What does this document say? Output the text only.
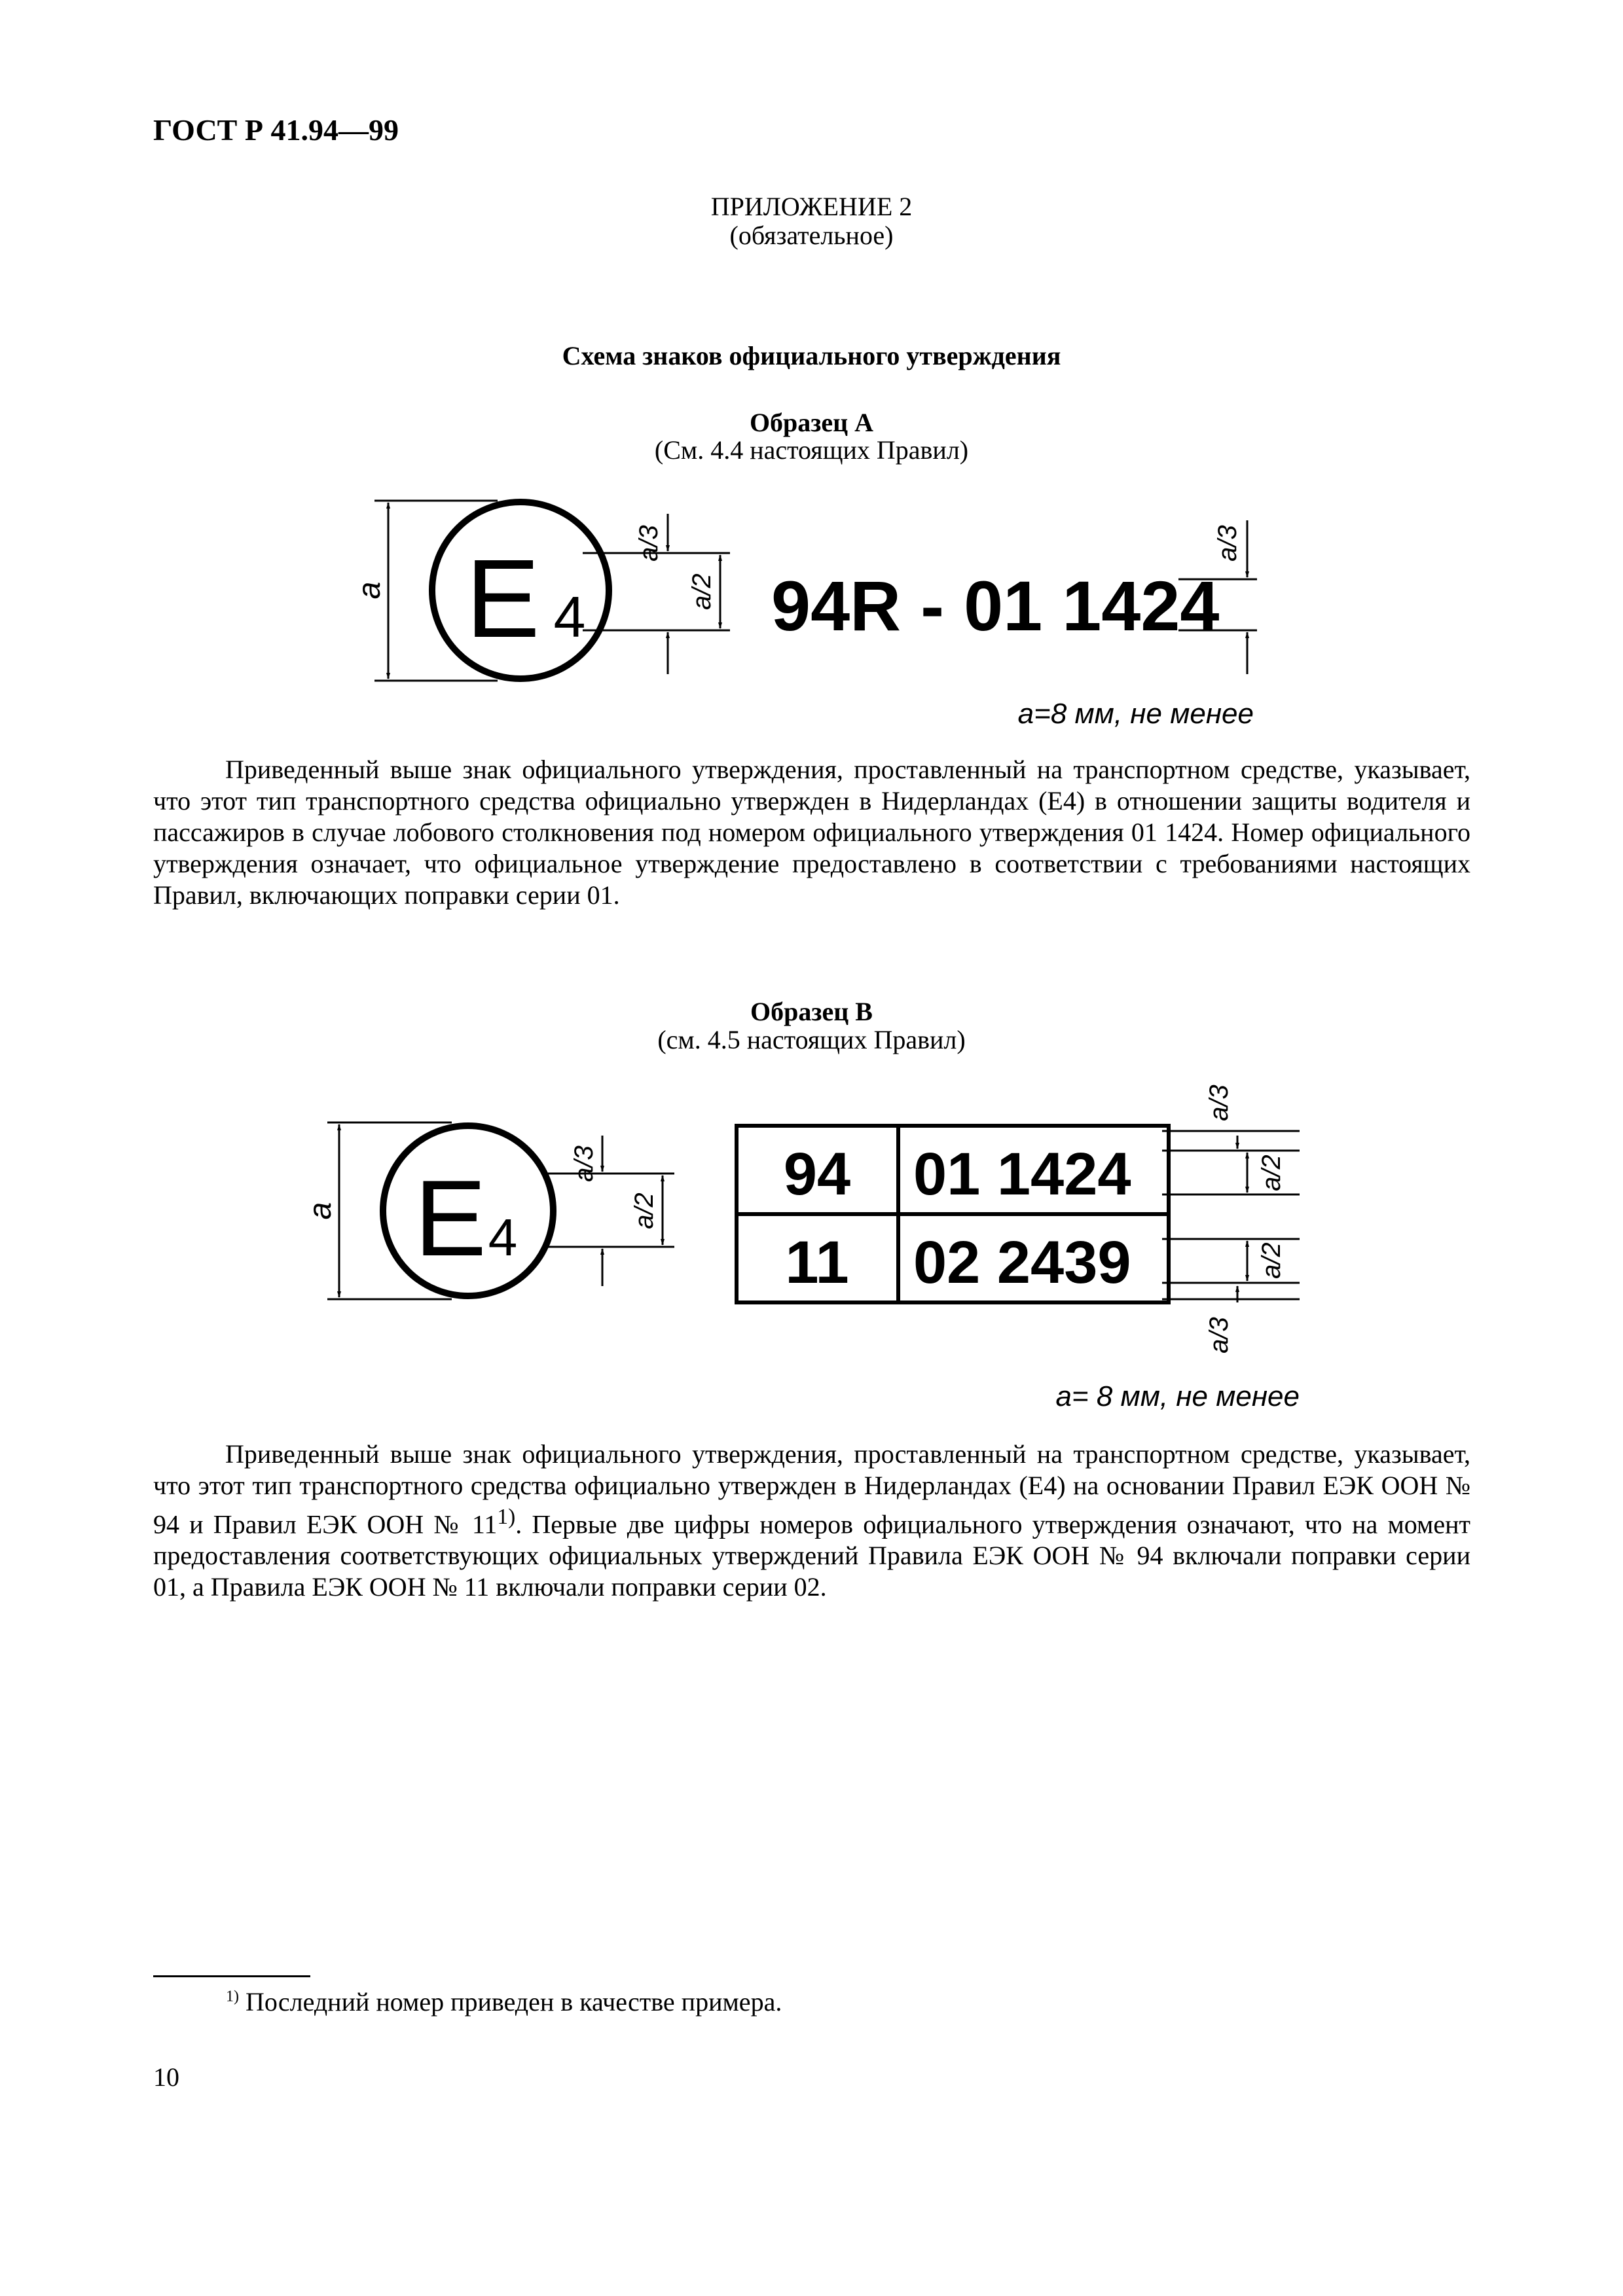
ГОСТ Р 41.94—99
ПРИЛОЖЕНИЕ 2
(обязательное)
Схема знаков официального утверждения
Образец А
(См. 4.4 настоящих Правил)
a E 4
a/3
a/2 94R - 01 1424
a/3
a=8 мм, не менее

Приведенный выше знак официального утверждения, проставленный на транспортном средстве, указывает, что этот тип транспортного средства официально утвержден в Нидерландах (E4) в отношении защиты водителя и пассажиров в случае лобового столкновения под номером официального утверждения 01 1424. Номер официального утверждения означает, что официальное утверждение предоставлено в соответствии с требованиями настоящих Правил, включающих поправки серии 01.

Образец В
(см. 4.5 настоящих Правил)
a E 4
a/3
a/2
94 01 1424
11 02 2439
a/3
a/2
a/2
a/3
a= 8 мм, не менее

Приведенный выше знак официального утверждения, проставленный на транспортном средстве, указывает, что этот тип транспортного средства официально утвержден в Нидерландах (E4) на основании Правил ЕЭК ООН № 94 и Правил ЕЭК ООН № 11$^{1)}$. Первые две цифры номеров официального утверждения означают, что на момент предоставления соответствующих официальных утверждений Правила ЕЭК ООН № 94 включали поправки серии 01, а Правила ЕЭК ООН № 11 включали поправки серии 02.

$^{1)}$ Последний номер приведен в качестве примера.
10
